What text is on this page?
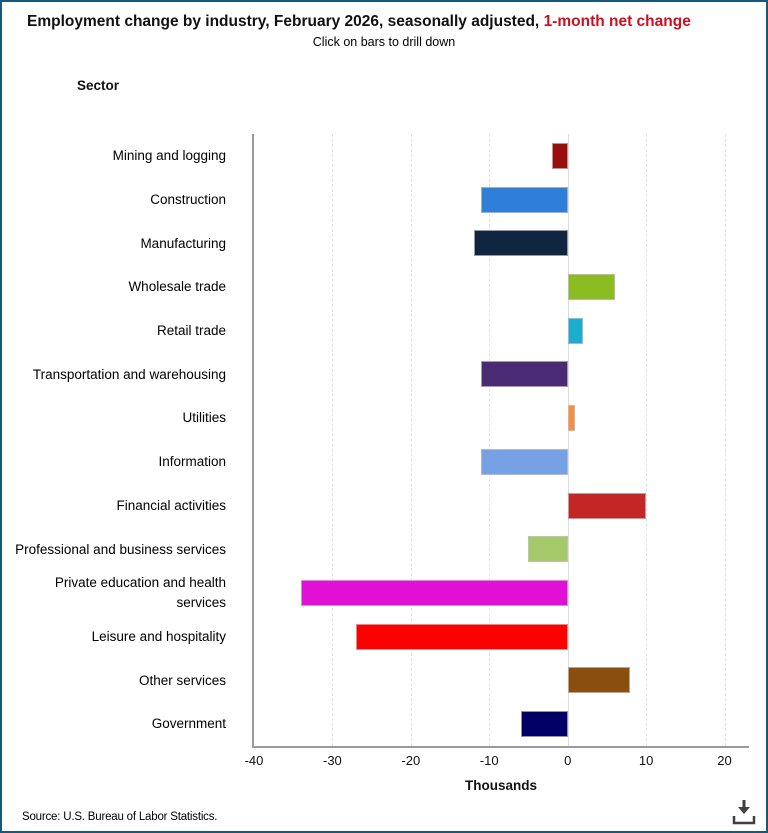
Employment change by industry, February 2026, seasonally adjusted, 1-month net change
Click on bars to drill down
Sector
Mining and logging
Construction
Manufacturing
Wholesale trade
Retail trade
Transportation and warehousing
Utilities
Information
Financial activities
Professional and business services
Private education and health services
Leisure and hospitality
Other services
Government
-40	-30	-20	-10	0	10	20
Thousands
Source: U.S. Bureau of Labor Statistics.
